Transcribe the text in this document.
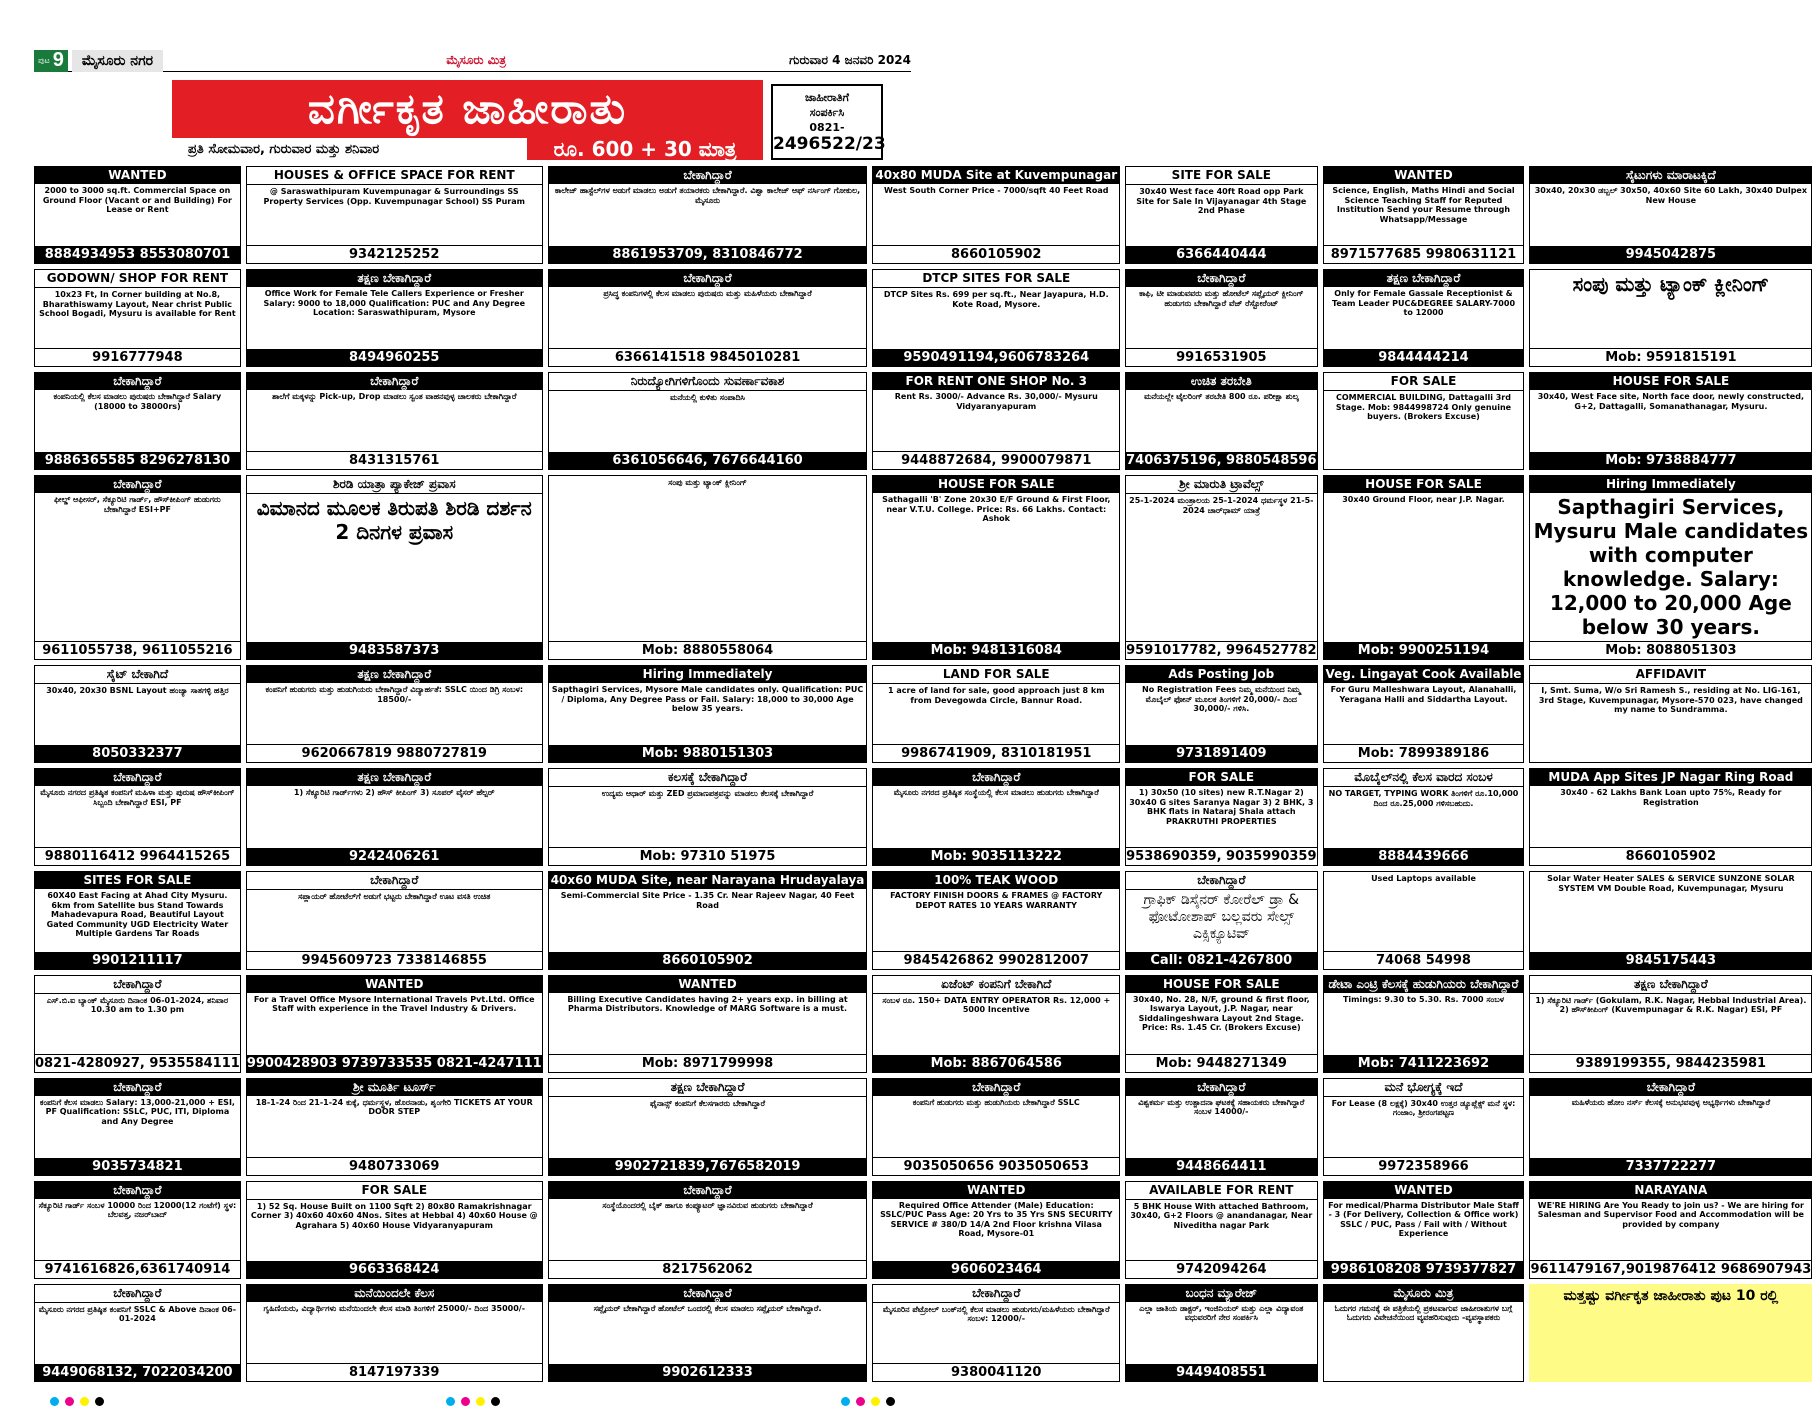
ಪುಟ 9	ಮೈಸೂರು ನಗರ	ಮೈಸೂರು ಮಿತ್ರ	ಗುರುವಾರ 4 ಜನವರಿ 2024
ವರ್ಗೀಕೃತ ಜಾಹೀರಾತು
ಪ್ರತಿ ಸೋಮವಾರ, ಗುರುವಾರ ಮತ್ತು ಶನಿವಾರ	ರೂ. 600 + 30 ಮಾತ್ರ
ಜಾಹೀರಾತಿಗೆ
ಸಂಪರ್ಕಿಸಿ
0821-
2496522/23
WANTED
2000 to 3000 sq.ft. Commercial Space on Ground Floor (Vacant or and Building) For Lease or Rent
8884934953 8553080701
HOUSES & OFFICE SPACE FOR RENT
@ Saraswathipuram Kuvempunagar & Surroundings SS Property Services (Opp. Kuvempunagar School) SS Puram
9342125252
ಬೇಕಾಗಿದ್ದಾರೆ
ಕಾಲೇಜ್ ಹಾಸ್ಟೆಲ್‌ಗಳ ಅಡುಗೆ ಮಾಡಲು ಅಡುಗೆ ತಯಾರಕರು ಬೇಕಾಗಿದ್ದಾರೆ. ವಿಶ್ವಾ ಕಾಲೇಜ್ ಆಫ್ ನರ್ಸಿಂಗ್ ಗೋಕುಲ, ಮೈಸೂರು
8861953709, 8310846772
40x80 MUDA Site at Kuvempunagar
West South Corner Price - 7000/sqft 40 Feet Road
8660105902
SITE FOR SALE
30x40 West face 40ft Road opp Park Site for Sale In Vijayanagar 4th Stage 2nd Phase
6366440444
WANTED
Science, English, Maths Hindi and Social Science Teaching Staff for Reputed Institution Send your Resume through Whatsapp/Message
8971577685 9980631121
ಸೈಟುಗಳು ಮಾರಾಟಕ್ಕಿದೆ
30x40, 20x30 ಡಬ್ಬಲ್ 30x50, 40x60 Site 60 Lakh, 30x40 Dulpex New House
9945042875
GODOWN/ SHOP FOR RENT
10x23 Ft, In Corner building at No.8, Bharathiswamy Layout, Near christ Public School Bogadi, Mysuru is available for Rent
9916777948
ತಕ್ಷಣ ಬೇಕಾಗಿದ್ದಾರೆ
Office Work for Female Tele Callers Experience or Fresher Salary: 9000 to 18,000 Qualification: PUC and Any Degree Location: Saraswathipuram, Mysore
8494960255
ಬೇಕಾಗಿದ್ದಾರೆ
ಪ್ರಸಿದ್ಧ ಕಂಪನಿಗಳಲ್ಲಿ ಕೆಲಸ ಮಾಡಲು ಪುರುಷರು ಮತ್ತು ಮಹಿಳೆಯರು ಬೇಕಾಗಿದ್ದಾರೆ
6366141518 9845010281
DTCP SITES FOR SALE
DTCP Sites Rs. 699 per sq.ft., Near Jayapura, H.D. Kote Road, Mysore.
9590491194,9606783264
ಬೇಕಾಗಿದ್ದಾರೆ
ಕಾಫಿ, ಟೀ ಮಾಡುವವರು ಮತ್ತು ಹೋಟೆಲ್ ಸಪ್ಲೈಯರ್ ಕ್ಲೀನಿಂಗ್ ಹುಡುಗರು ಬೇಕಾಗಿದ್ದಾರೆ ವೆಜ್ ರೆಸ್ಟೋರೆಂಟ್
9916531905
ತಕ್ಷಣ ಬೇಕಾಗಿದ್ದಾರೆ
Only for Female Gassale Receptionist & Team Leader PUC&DEGREE SALARY-7000 to 12000
9844444214
ಸಂಪು ಮತ್ತು ಟ್ಯಾಂಕ್ ಕ್ಲೀನಿಂಗ್
Mob: 9591815191
ಬೇಕಾಗಿದ್ದಾರೆ
ಕಂಪನಿಯಲ್ಲಿ ಕೆಲಸ ಮಾಡಲು ಪುರುಷರು ಬೇಕಾಗಿದ್ದಾರೆ Salary (18000 to 38000rs)
9886365585 8296278130
ಬೇಕಾಗಿದ್ದಾರೆ
ಶಾಲೆಗೆ ಮಕ್ಕಳನ್ನು Pick-up, Drop ಮಾಡಲು ಸ್ವಂತ ವಾಹನವುಳ್ಳ ಚಾಲಕರು ಬೇಕಾಗಿದ್ದಾರೆ
8431315761
ನಿರುದ್ಯೋಗಿಗಳಿಗೊಂದು ಸುವರ್ಣಾವಕಾಶ
ಮನೆಯಲ್ಲಿ ಕುಳಿತು ಸಂಪಾದಿಸಿ
6361056646, 7676644160
FOR RENT ONE SHOP No. 3
Rent Rs. 3000/- Advance Rs. 30,000/- Mysuru Vidyaranyapuram
9448872684, 9900079871
ಉಚಿತ ತರಬೇತಿ
ಮನೆಯಲ್ಲೇ ಟೈಲರಿಂಗ್ ತರಬೇತಿ 800 ರೂ. ಪರೀಕ್ಷಾ ಶುಲ್ಕ
7406375196, 9880548596
FOR SALE
COMMERCIAL BUILDING, Dattagalli 3rd Stage. Mob: 9844998724 Only genuine buyers. (Brokers Excuse)
HOUSE FOR SALE
30x40, West Face site, North face door, newly constructed, G+2, Dattagalli, Somanathanagar, Mysuru.
Mob: 9738884777
ಬೇಕಾಗಿದ್ದಾರೆ
ಫೀಲ್ಡ್ ಆಫೀಸರ್, ಸೆಕ್ಯೂರಿಟಿ ಗಾರ್ಡ್, ಹೌಸ್‌ಕೀಪಿಂಗ್ ಹುಡುಗರು ಬೇಕಾಗಿದ್ದಾರೆ ESI+PF
9611055738, 9611055216
ಶಿರಡಿ ಯಾತ್ರಾ ಪ್ಯಾಕೇಜ್ ಪ್ರವಾಸ
ವಿಮಾನದ ಮೂಲಕ ತಿರುಪತಿ ಶಿರಡಿ ದರ್ಶನ 2 ದಿನಗಳ ಪ್ರವಾಸ
9483587373
ಸಂಪು ಮತ್ತು ಟ್ಯಾಂಕ್ ಕ್ಲೀನಿಂಗ್
Mob: 8880558064
HOUSE FOR SALE
Sathagalli 'B' Zone 20x30 E/F Ground & First Floor, near V.T.U. College. Price: Rs. 66 Lakhs. Contact: Ashok
Mob: 9481316084
ಶ್ರೀ ಮಾರುತಿ ಟ್ರಾವೆಲ್ಸ್
25-1-2024 ಮಂತ್ರಾಲಯ 25-1-2024 ಧರ್ಮಸ್ಥಳ 21-5-2024 ಚಾರ್‌ಧಾಮ್ ಯಾತ್ರೆ
9591017782, 9964527782
HOUSE FOR SALE
30x40 Ground Floor, near J.P. Nagar.
Mob: 9900251194
Hiring Immediately
Sapthagiri Services, Mysuru Male candidates with computer knowledge. Salary: 12,000 to 20,000 Age below 30 years.
Mob: 8088051303
ಸೈಟ್ ಬೇಕಾಗಿದೆ
30x40, 20x30 BSNL Layout ಹಂಚ್ಯಾ ಸಾತಗಳ್ಳಿ ಹತ್ತಿರ
8050332377
ತಕ್ಷಣ ಬೇಕಾಗಿದ್ದಾರೆ
ಕಂಪನಿಗೆ ಹುಡುಗರು ಮತ್ತು ಹುಡುಗಿಯರು ಬೇಕಾಗಿದ್ದಾರೆ ವಿದ್ಯಾರ್ಹತೆ: SSLC ಯಿಂದ ಡಿಗ್ರಿ ಸಂಬಳ: 18500/-
9620667819 9880727819
Hiring Immediately
Sapthagiri Services, Mysore Male candidates only. Qualification: PUC / Diploma, Any Degree Pass or Fail. Salary: 18,000 to 30,000 Age below 35 years.
Mob: 9880151303
LAND FOR SALE
1 acre of land for sale, good approach just 8 km from Devegowda Circle, Bannur Road.
9986741909, 8310181951
Ads Posting Job
No Registration Fees ನಿಮ್ಮ ಮನೆಯಿಂದ ನಿಮ್ಮ ಮೊಬೈಲ್ ಫೋನ್ ಮೂಲಕ ತಿಂಗಳಿಗೆ 20,000/- ದಿಂದ 30,000/- ಗಳಿಸಿ.
9731891409
Veg. Lingayat Cook Available
For Guru Malleshwara Layout, Alanahalli, Yeragana Halli and Siddartha Layout.
Mob: 7899389186
AFFIDAVIT
I, Smt. Suma, W/o Sri Ramesh S., residing at No. LIG-161, 3rd Stage, Kuvempunagar, Mysore-570 023, have changed my name to Sundramma.
ಬೇಕಾಗಿದ್ದಾರೆ
ಮೈಸೂರು ನಗರದ ಪ್ರತಿಷ್ಠಿತ ಕಂಪನಿಗೆ ಮಹಿಳಾ ಮತ್ತು ಪುರುಷ ಹೌಸ್‌ಕೀಪಿಂಗ್ ಸಿಬ್ಬಂದಿ ಬೇಕಾಗಿದ್ದಾರೆ ESI, PF
9880116412 9964415265
ತಕ್ಷಣ ಬೇಕಾಗಿದ್ದಾರೆ
1) ಸೆಕ್ಯೂರಿಟಿ ಗಾರ್ಡ್‌ಗಳು 2) ಹೌಸ್ ಕೀಪಿಂಗ್ 3) ಸೂಪರ್ ವೈಸರ್ ಹೆಲ್ಪರ್
9242406261
ಕಲಸಕ್ಕೆ ಬೇಕಾಗಿದ್ದಾರೆ
ಉದ್ಯಮ ಆಧಾರ್ ಮತ್ತು ZED ಪ್ರಮಾಣಪತ್ರವನ್ನು ಮಾಡಲು ಕೆಲಸಕ್ಕೆ ಬೇಕಾಗಿದ್ದಾರೆ
Mob: 97310 51975
ಬೇಕಾಗಿದ್ದಾರೆ
ಮೈಸೂರು ನಗರದ ಪ್ರತಿಷ್ಠಿತ ಸಂಸ್ಥೆಯಲ್ಲಿ ಕೆಲಸ ಮಾಡಲು ಹುಡುಗರು ಬೇಕಾಗಿದ್ದಾರೆ
Mob: 9035113222
FOR SALE
1) 30x50 (10 sites) new R.T.Nagar 2) 30x40 G sites Saranya Nagar 3) 2 BHK, 3 BHK flats in Nataraj Shala attach PRAKRUTHI PROPERTIES
9538690359, 9035990359
ಮೊಬೈಲ್‌ನಲ್ಲಿ ಕೆಲಸ ವಾರದ ಸಂಬಳ
NO TARGET, TYPING WORK ತಿಂಗಳಿಗೆ ರೂ.10,000 ದಿಂದ ರೂ.25,000 ಗಳಿಸಬಹುದು.
8884439666
MUDA App Sites JP Nagar Ring Road
30x40 - 62 Lakhs Bank Loan upto 75%, Ready for Registration
8660105902
SITES FOR SALE
60X40 East Facing at Ahad City Mysuru. 6km from Satellite bus Stand Towards Mahadevapura Road, Beautiful Layout Gated Community UGD Electricity Water Multiple Gardens Tar Roads
9901211117
ಬೇಕಾಗಿದ್ದಾರೆ
ಸಪ್ಲಾಯರ್ ಹೋಟೆಲ್‌ಗೆ ಅಡುಗೆ ಭಟ್ಟರು ಬೇಕಾಗಿದ್ದಾರೆ ಊಟ ವಸತಿ ಉಚಿತ
9945609723 7338146855
40x60 MUDA Site, near Narayana Hrudayalaya
Semi-Commercial Site Price - 1.35 Cr. Near Rajeev Nagar, 40 Feet Road
8660105902
100% TEAK WOOD
FACTORY FINISH DOORS & FRAMES @ FACTORY DEPOT RATES 10 YEARS WARRANTY
9845426862 9902812007
ಬೇಕಾಗಿದ್ದಾರೆ
ಗ್ರಾಫಿಕ್ ಡಿಸೈನರ್ ಕೋರೆಲ್ ಡ್ರಾ & ಫೋಟೋಶಾಪ್ ಬಲ್ಲವರು ಸೇಲ್ಸ್ ಎಕ್ಸಿಕ್ಯೂಟಿವ್
Call: 0821-4267800
Used Laptops available
74068 54998
Solar Water Heater SALES & SERVICE SUNZONE SOLAR SYSTEM VM Double Road, Kuvempunagar, Mysuru
9845175443
ಬೇಕಾಗಿದ್ದಾರೆ
ಎಸ್.ಬಿ.ಐ ಬ್ಯಾಂಕ್ ಮೈಸೂರು ದಿನಾಂಕ 06-01-2024, ಶನಿವಾರ 10.30 am to 1.30 pm
0821-4280927, 9535584111
WANTED
For a Travel Office Mysore International Travels Pvt.Ltd. Office Staff with experience in the Travel Industry & Drivers.
9900428903 9739733535 0821-4247111
WANTED
Billing Executive Candidates having 2+ years exp. in billing at Pharma Distributors. Knowledge of MARG Software is a must.
Mob: 8971799998
ಏಜೆಂಟ್ ಕಂಪನಿಗೆ ಬೇಕಾಗಿದೆ
ಸಂಬಳ ರೂ. 150+ DATA ENTRY OPERATOR Rs. 12,000 + 5000 Incentive
Mob: 8867064586
HOUSE FOR SALE
30x40, No. 28, N/F, ground & first floor, Iswarya Layout, J.P. Nagar, near Siddalingeshwara Layout 2nd Stage. Price: Rs. 1.45 Cr. (Brokers Excuse)
Mob: 9448271349
ಡೇಟಾ ಎಂಟ್ರಿ ಕೆಲಸಕ್ಕೆ ಹುಡುಗಿಯರು ಬೇಕಾಗಿದ್ದಾರೆ
Timings: 9.30 to 5.30. Rs. 7000 ಸಂಬಳ
Mob: 7411223692
ತಕ್ಷಣ ಬೇಕಾಗಿದ್ದಾರೆ
1) ಸೆಕ್ಯೂರಿಟಿ ಗಾರ್ಡ್ (Gokulam, R.K. Nagar, Hebbal Industrial Area). 2) ಹೌಸ್‌ಕೀಪಿಂಗ್ (Kuvempunagar & R.K. Nagar) ESI, PF
9389199355, 9844235981
ಬೇಕಾಗಿದ್ದಾರೆ
ಕಂಪನಿಗೆ ಕೆಲಸ ಮಾಡಲು Salary: 13,000-21,000 + ESI, PF Qualification: SSLC, PUC, ITI, Diploma and Any Degree
9035734821
ಶ್ರೀ ಮೂರ್ತಿ ಟೂರ್ಸ್
18-1-24 ರಿಂದ 21-1-24 ಕುಕ್ಕೆ, ಧರ್ಮಸ್ಥಳ, ಹೊರನಾಡು, ಶೃಂಗೇರಿ TICKETS AT YOUR DOOR STEP
9480733069
ತಕ್ಷಣ ಬೇಕಾಗಿದ್ದಾರೆ
ಫೈನಾನ್ಸ್ ಕಂಪನಿಗೆ ಕೆಲಸಗಾರರು ಬೇಕಾಗಿದ್ದಾರೆ
9902721839,7676582019
ಬೇಕಾಗಿದ್ದಾರೆ
ಕಂಪನಿಗೆ ಹುಡುಗರು ಮತ್ತು ಹುಡುಗಿಯರು ಬೇಕಾಗಿದ್ದಾರೆ SSLC
9035050656 9035050653
ಬೇಕಾಗಿದ್ದಾರೆ
ವಿಶ್ವಕರ್ಮ ಮತ್ತು ಉತ್ಪಾದನಾ ಘಟಕಕ್ಕೆ ಸಹಾಯಕರು ಬೇಕಾಗಿದ್ದಾರೆ ಸಂಬಳ 14000/-
9448664411
ಮನೆ ಭೋಗ್ಯಕ್ಕೆ ಇದೆ
For Lease (8 ಲಕ್ಷಕ್ಕೆ) 30x40 ಉತ್ತರ ಡ್ಯೂಪ್ಲೆಕ್ಸ್ ಮನೆ ಸ್ಥಳ: ಗಂಜಾಂ, ಶ್ರೀರಂಗಪಟ್ಟಣ
9972358966
ಬೇಕಾಗಿದ್ದಾರೆ
ಮಹಿಳೆಯರು ಹೋಂ ನರ್ಸ್ ಕೆಲಸಕ್ಕೆ ಅನುಭವವುಳ್ಳ ಅಭ್ಯರ್ಥಿಗಳು ಬೇಕಾಗಿದ್ದಾರೆ
7337722277
ಬೇಕಾಗಿದ್ದಾರೆ
ಸೆಕ್ಯೂರಿಟಿ ಗಾರ್ಡ್ ಸಂಬಳ 10000 ರಿಂದ 12000(12 ಗಂಟೆಗೆ) ಸ್ಥಳ: ಬೆಲವತ್ತ, ನಜರ್‌ಬಾದ್
9741616826,6361740914
FOR SALE
1) 52 Sq. House Built on 1100 Sqft 2) 80x80 Ramakrishnagar Corner 3) 40x60 40x60 4Nos. Sites at Hebbal 4) 40x60 House @ Agrahara 5) 40x60 House Vidyaranyapuram
9663368424
ಬೇಕಾಗಿದ್ದಾರೆ
ಸಂಸ್ಥೆಯೊಂದರಲ್ಲಿ ಬೈಕ್ ಹಾಗೂ ಕಂಪ್ಯೂಟರ್ ಜ್ಞಾನವಿರುವ ಹುಡುಗರು ಬೇಕಾಗಿದ್ದಾರೆ
8217562062
WANTED
Required Office Attender (Male) Education: SSLC/PUC Pass Age: 20 Yrs to 35 Yrs SNS SECURITY SERVICE # 380/D 14/A 2nd Floor krishna Vilasa Road, Mysore-01
9606023464
AVAILABLE FOR RENT
5 BHK House With attached Bathroom, 30x40, G+2 Floors @ anandanagar, Near Niveditha nagar Park
9742094264
WANTED
For medical/Pharma Distributor Male Staff - 3 (For Delivery, Collection & Office work) SSLC / PUC, Pass / Fail with / Without Experience
9986108208 9739377827
NARAYANA
WE'RE HIRING Are You Ready to join us? - We are hiring for Salesman and Supervisor Food and Accommodation will be provided by company
9611479167,9019876412 9686907943
ಬೇಕಾಗಿದ್ದಾರೆ
ಮೈಸೂರು ನಗರದ ಪ್ರತಿಷ್ಠಿತ ಕಂಪನಿಗೆ SSLC & Above ದಿನಾಂಕ 06-01-2024
9449068132, 7022034200
ಮನೆಯಿಂದಲೇ ಕೆಲಸ
ಗೃಹಿಣಿಯರು, ವಿದ್ಯಾರ್ಥಿಗಳು ಮನೆಯಿಂದಲೇ ಕೆಲಸ ಮಾಡಿ ತಿಂಗಳಿಗೆ 25000/- ದಿಂದ 35000/-
8147197339
ಬೇಕಾಗಿದ್ದಾರೆ
ಸಪ್ಲೈಯರ್ ಬೇಕಾಗಿದ್ದಾರೆ ಹೋಟೆಲ್ ಒಂದರಲ್ಲಿ ಕೆಲಸ ಮಾಡಲು ಸಪ್ಲೈಯರ್ ಬೇಕಾಗಿದ್ದಾರೆ.
9902612333
ಬೇಕಾಗಿದ್ದಾರೆ
ಮೈಸೂರಿನ ಪೆಟ್ರೋಲ್ ಬಂಕ್‌ನಲ್ಲಿ ಕೆಲಸ ಮಾಡಲು ಹುಡುಗರು/ಮಹಿಳೆಯರು ಬೇಕಾಗಿದ್ದಾರೆ ಸಂಬಳ: 12000/-
9380041120
ಬಂಧನ ಮ್ಯಾರೇಜ್
ಎಲ್ಲಾ ಜಾತಿಯ ಡಾಕ್ಟರ್, ಇಂಜಿನಿಯರ್ ಮತ್ತು ಎಲ್ಲಾ ವಿದ್ಯಾವಂತ ವಧುವರರಿಗೆ ನೇರ ಸಂಪರ್ಕಿಸಿ
9449408551
ಮೈಸೂರು ಮಿತ್ರ
ಓದುಗರ ಗಮನಕ್ಕೆ ಈ ಪತ್ರಿಕೆಯಲ್ಲಿ ಪ್ರಕಟವಾಗುವ ಜಾಹೀರಾತುಗಳ ಬಗ್ಗೆ ಓದುಗರು ವಿವೇಚನೆಯಿಂದ ವ್ಯವಹರಿಸುವುದು -ವ್ಯವಸ್ಥಾಪಕರು
ಮತ್ತಷ್ಟು ವರ್ಗೀಕೃತ ಜಾಹೀರಾತು ಪುಟ 10 ರಲ್ಲಿ
